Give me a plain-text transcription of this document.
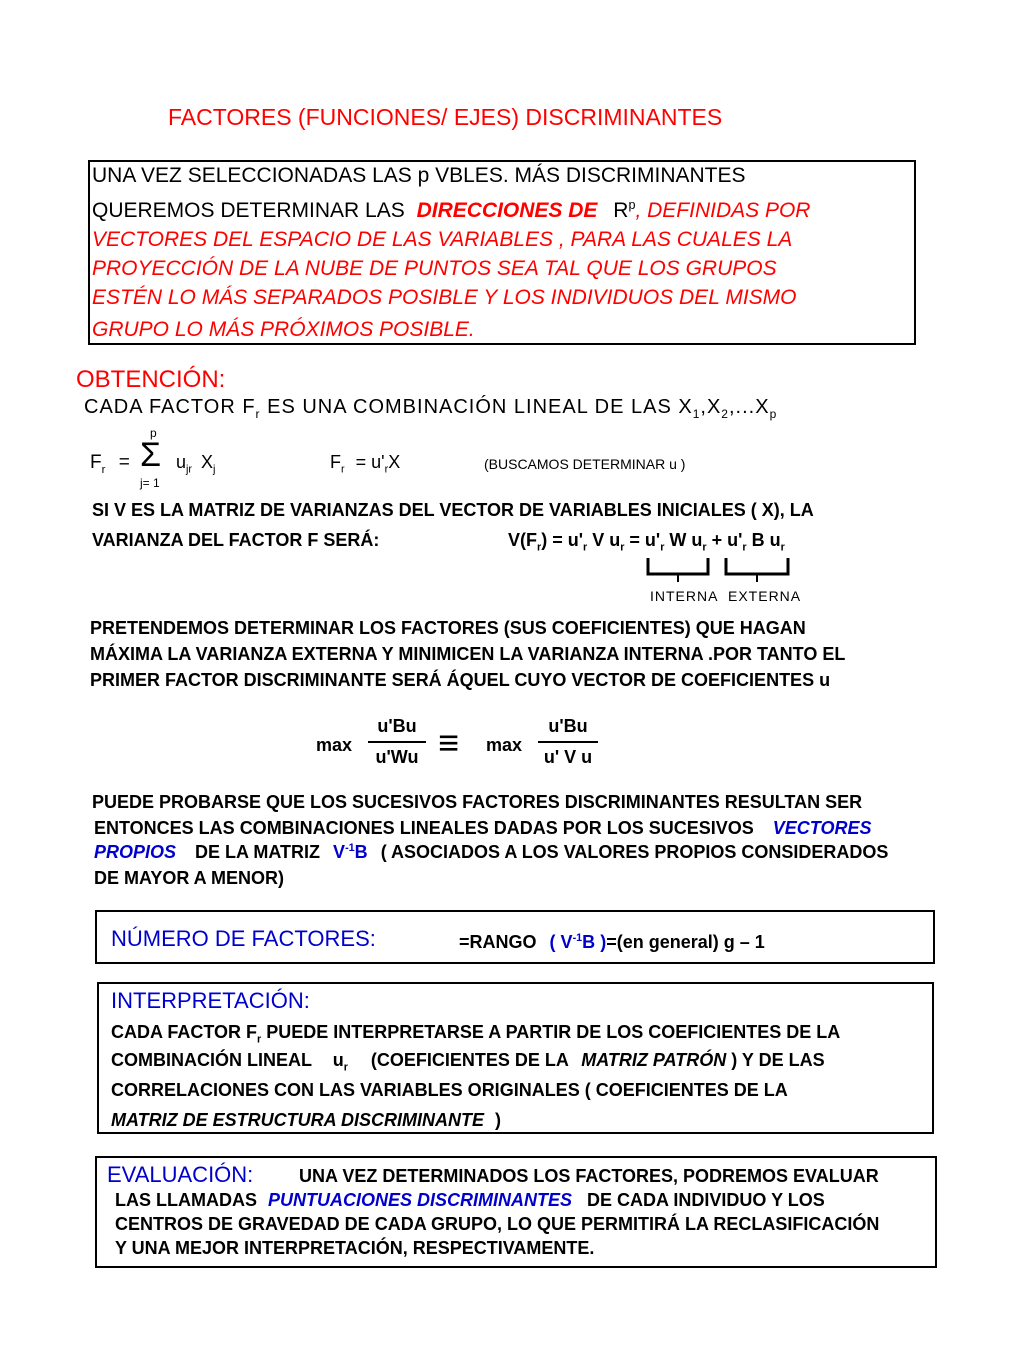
FACTORES (FUNCIONES/ EJES) DISCRIMINANTES
UNA VEZ SELECCIONADAS LAS p VBLES. MÁS DISCRIMINANTES
QUEREMOS DETERMINAR LAS DIRECCIONES DE $R^p$, DEFINIDAS POR
VECTORES DEL ESPACIO DE LAS VARIABLES , PARA LAS CUALES LA
PROYECCIÓN DE LA NUBE DE PUNTOS SEA TAL QUE LOS GRUPOS
ESTÉN LO MÁS SEPARADOS POSIBLE Y LOS INDIVIDUOS DEL MISMO
GRUPO LO MÁS PRÓXIMOS POSIBLE.
OBTENCIÓN:
CADA FACTOR $F_r$ ES UNA COMBINACIÓN LINEAL DE LAS $X_1,X_2,...X_p$
$F_r$ =
p
Σ
j= 1
$u_{jr}$ $X_j$	$F_r = u'_rX$	(BUSCAMOS DETERMINAR u )
SI V ES LA MATRIZ DE VARIANZAS DEL VECTOR DE VARIABLES INICIALES ( X), LA
VARIANZA DEL FACTOR F SERÁ:	$V(F_r) = u'_r$ V $u_r = u'_r$ W $u_r + u'_r$ B $u_r$
INTERNA EXTERNA
PRETENDEMOS DETERMINAR LOS FACTORES (SUS COEFICIENTES) QUE HAGAN
MÁXIMA LA VARIANZA EXTERNA Y MINIMICEN LA VARIANZA INTERNA .POR TANTO EL
PRIMER FACTOR DISCRIMINANTE SERÁ ÁQUEL CUYO VECTOR DE COEFICIENTES u
max
u'Bu
u'Wu ≡ max
u'Bu
u' V u
PUEDE PROBARSE QUE LOS SUCESIVOS FACTORES DISCRIMINANTES RESULTAN SER
ENTONCES LAS COMBINACIONES LINEALES DADAS POR LOS SUCESIVOS VECTORES
PROPIOS DE LA MATRIZ $V^{-1}B$ ( ASOCIADOS A LOS VALORES PROPIOS CONSIDERADOS
DE MAYOR A MENOR)
NÚMERO DE FACTORES:	=RANGO ( $V^{-1}B$ )=(en general) g – 1
INTERPRETACIÓN:
CADA FACTOR $F_r$ PUEDE INTERPRETARSE A PARTIR DE LOS COEFICIENTES DE LA
COMBINACIÓN LINEAL $u_r$ (COEFICIENTES DE LA MATRIZ PATRÓN ) Y DE LAS
CORRELACIONES CON LAS VARIABLES ORIGINALES ( COEFICIENTES DE LA
MATRIZ DE ESTRUCTURA DISCRIMINANTE )
EVALUACIÓN:	UNA VEZ DETERMINADOS LOS FACTORES, PODREMOS EVALUAR
LAS LLAMADAS PUNTUACIONES DISCRIMINANTES DE CADA INDIVIDUO Y LOS
CENTROS DE GRAVEDAD DE CADA GRUPO, LO QUE PERMITIRÁ LA RECLASIFICACIÓN
Y UNA MEJOR INTERPRETACIÓN, RESPECTIVAMENTE.
